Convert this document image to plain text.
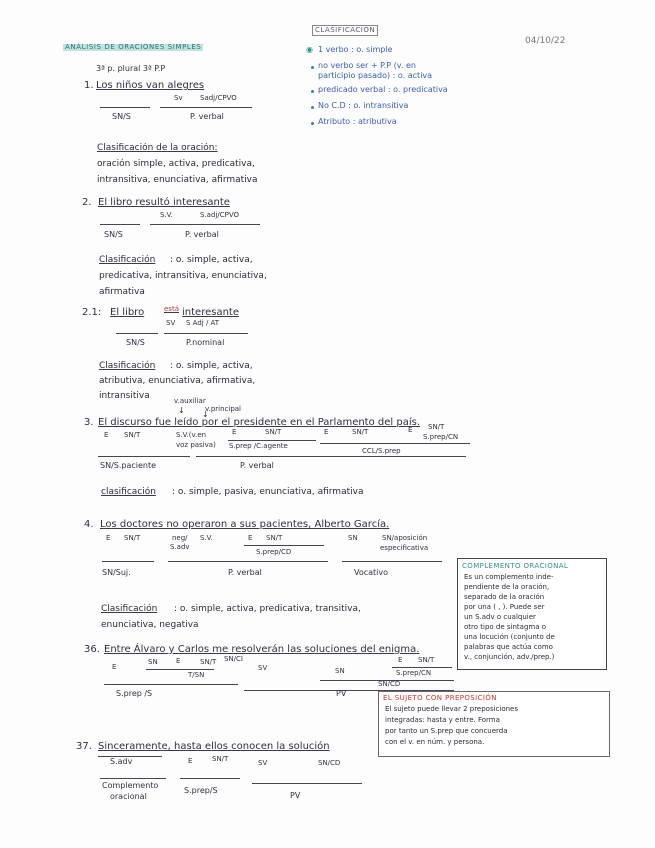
ANÁLISIS DE ORACIONES SIMPLES
04/10/22
CLASIFICACIÓN
◉ 1 verbo : o. simple
no verbo ser + P.P (v. en
participio pasado) : o. activa
predicado verbal : o. predicativa
No C.D : o. intransitiva
Atributo : atributiva
3ª p. plural 3ª P.P
1. Los niños van alegres
Sv Sadj/CPVO
SN/S	P. verbal
Clasificación de la oración:
oración simple, activa, predicativa,
intransitiva, enunciativa, afirmativa
2. El libro resultó interesante
S.V.	S.adj/CPVO
SN/S	P. verbal
Clasificación : o. simple, activa,
predicativa, intransitiva, enunciativa,
afirmativa
2.1: El libro	está interesante
SV S Adj / AT
SN/S	P.nominal
Clasificación : o. simple, activa,
atributiva, enunciativa, afirmativa,
intransitiva	v.auxiliar
v.principal
↓ ↓
3. El discurso fue leído por el presidente en el Parlamento del país.
E SN/T	S.V.(v.en
voz pasiva)
E	SN/T
S.prep /C.agente
E	SN/T	E SN/T
S.prep/CN
CCL/S.prep
SN/S.paciente	P. verbal
clasificación : o. simple, pasiva, enunciativa, afirmativa
4. Los doctores no operaron a sus pacientes, Alberto García.
E SN/T	neg/
S.adv
S.V.	E SN/T
S.prep/CD
SN	SN/aposición
especificativa
SN/Suj.	P. verbal	Vocativo
Clasificación : o. simple, activa, predicativa, transitiva,
enunciativa, negativa
COMPLEMENTO ORACIONAL
Es un complemento inde-
pendiente de la oración,
separado de la oración
por una ( , ). Puede ser
un S.adv o cualquier
otro tipo de sintagma o
una locución (conjunto de
palabras que actúa como
v., conjunción, adv./prep.)
36. Entre Álvaro y Carlos me resolverán las soluciones del enigma.
SN	E	SN/T SN/CI
E	SV
T/SN
E SN/T
SN	S.prep/CN
SN/CD
S.prep /S	PV	EL SUJETO CON PREPOSICIÓN
El sujeto puede llevar 2 preposiciones
integradas: hasta y entre. Forma
por tanto un S.prep que concuerda
con el v. en núm. y persona.
37. Sinceramente, hasta ellos conocen la solución
S.adv	E	SN/T	SV	SN/CD
Complemento
oracional
S.prep/S
PV
